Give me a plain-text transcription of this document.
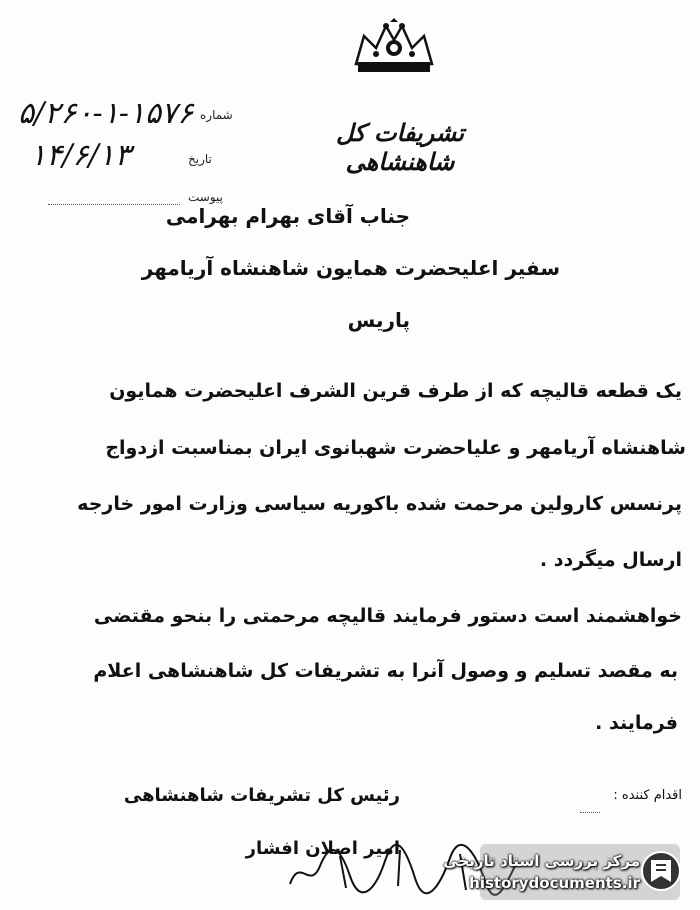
تشریفات کل شاهنشاهی
۵/۲۶۰-۱-۱۵۷۶ شماره
۱۴/۶/۱۳	تاریخ
پیوست
جناب آقای بهرام بهرامی
سفیر اعلیحضرت همایون شاهنشاه آریامهر
پاریس
یک قطعه قالیچه که از طرف قرین الشرف اعلیحضرت همایون
شاهنشاه آریامهر و علیاحضرت شهبانوی ایران بمناسبت ازدواج
پرنسس کارولین مرحمت شده باکوریه سیاسی وزارت امور خارجه
ارسال میگردد .
خواهشمند است دستور فرمایند قالیچه مرحمتی را بنحو مقتضی
به مقصد تسلیم و وصول آنرا به تشریفات کل شاهنشاهی اعلام
فرمایند .
رئیس کل تشریفات شاهنشاهی
امیر اصلان افشار
اقدام کننده :
مرکز بررسی اسناد تاریخی
historydocuments.ir
